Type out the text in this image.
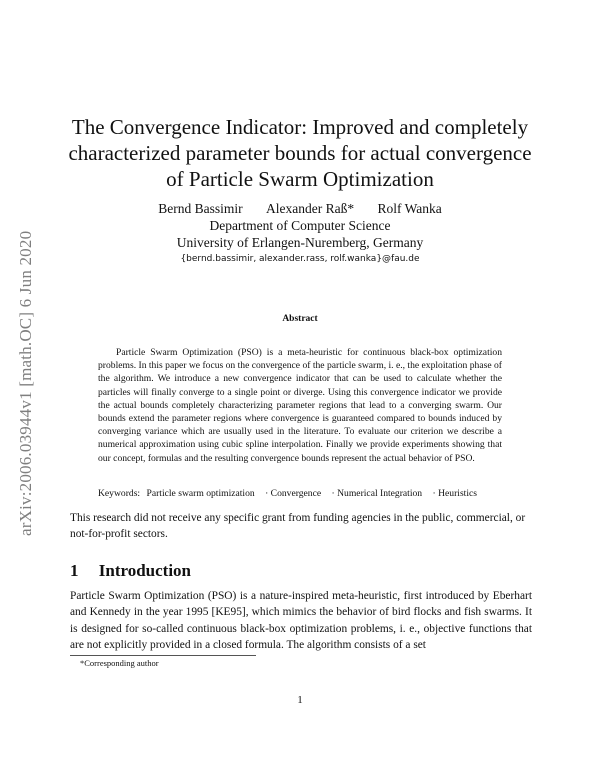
arXiv:2006.03944v1 [math.OC] 6 Jun 2020
The Convergence Indicator: Improved and completely characterized parameter bounds for actual convergence of Particle Swarm Optimization
Bernd Bassimir Alexander Raß* Rolf Wanka
Department of Computer Science
University of Erlangen-Nuremberg, Germany
{bernd.bassimir, alexander.rass, rolf.wanka}@fau.de
Abstract

Particle Swarm Optimization (PSO) is a meta-heuristic for continuous black-box optimization problems. In this paper we focus on the convergence of the particle swarm, i. e., the exploitation phase of the algorithm. We introduce a new convergence indicator that can be used to calculate whether the particles will finally converge to a single point or diverge. Using this convergence indicator we provide the actual bounds completely characterizing parameter regions that lead to a converging swarm. Our bounds extend the parameter regions where convergence is guaranteed compared to bounds induced by converging variance which are usually used in the literature. To evaluate our criterion we describe a numerical approximation using cubic spline interpolation. Finally we provide experiments showing that our concept, formulas and the resulting convergence bounds represent the actual behavior of PSO.

Keywords: Particle swarm optimization · Convergence · Numerical Integration · Heuristics

This research did not receive any specific grant from funding agencies in the public, commercial, or not-for-profit sectors.

1 Introduction

Particle Swarm Optimization (PSO) is a nature-inspired meta-heuristic, first introduced by Eberhart and Kennedy in the year 1995 [KE95], which mimics the behavior of bird flocks and fish swarms. It is designed for so-called continuous black-box optimization problems, i. e., objective functions that are not explicitly provided in a closed formula. The algorithm consists of a set

*Corresponding author
1
